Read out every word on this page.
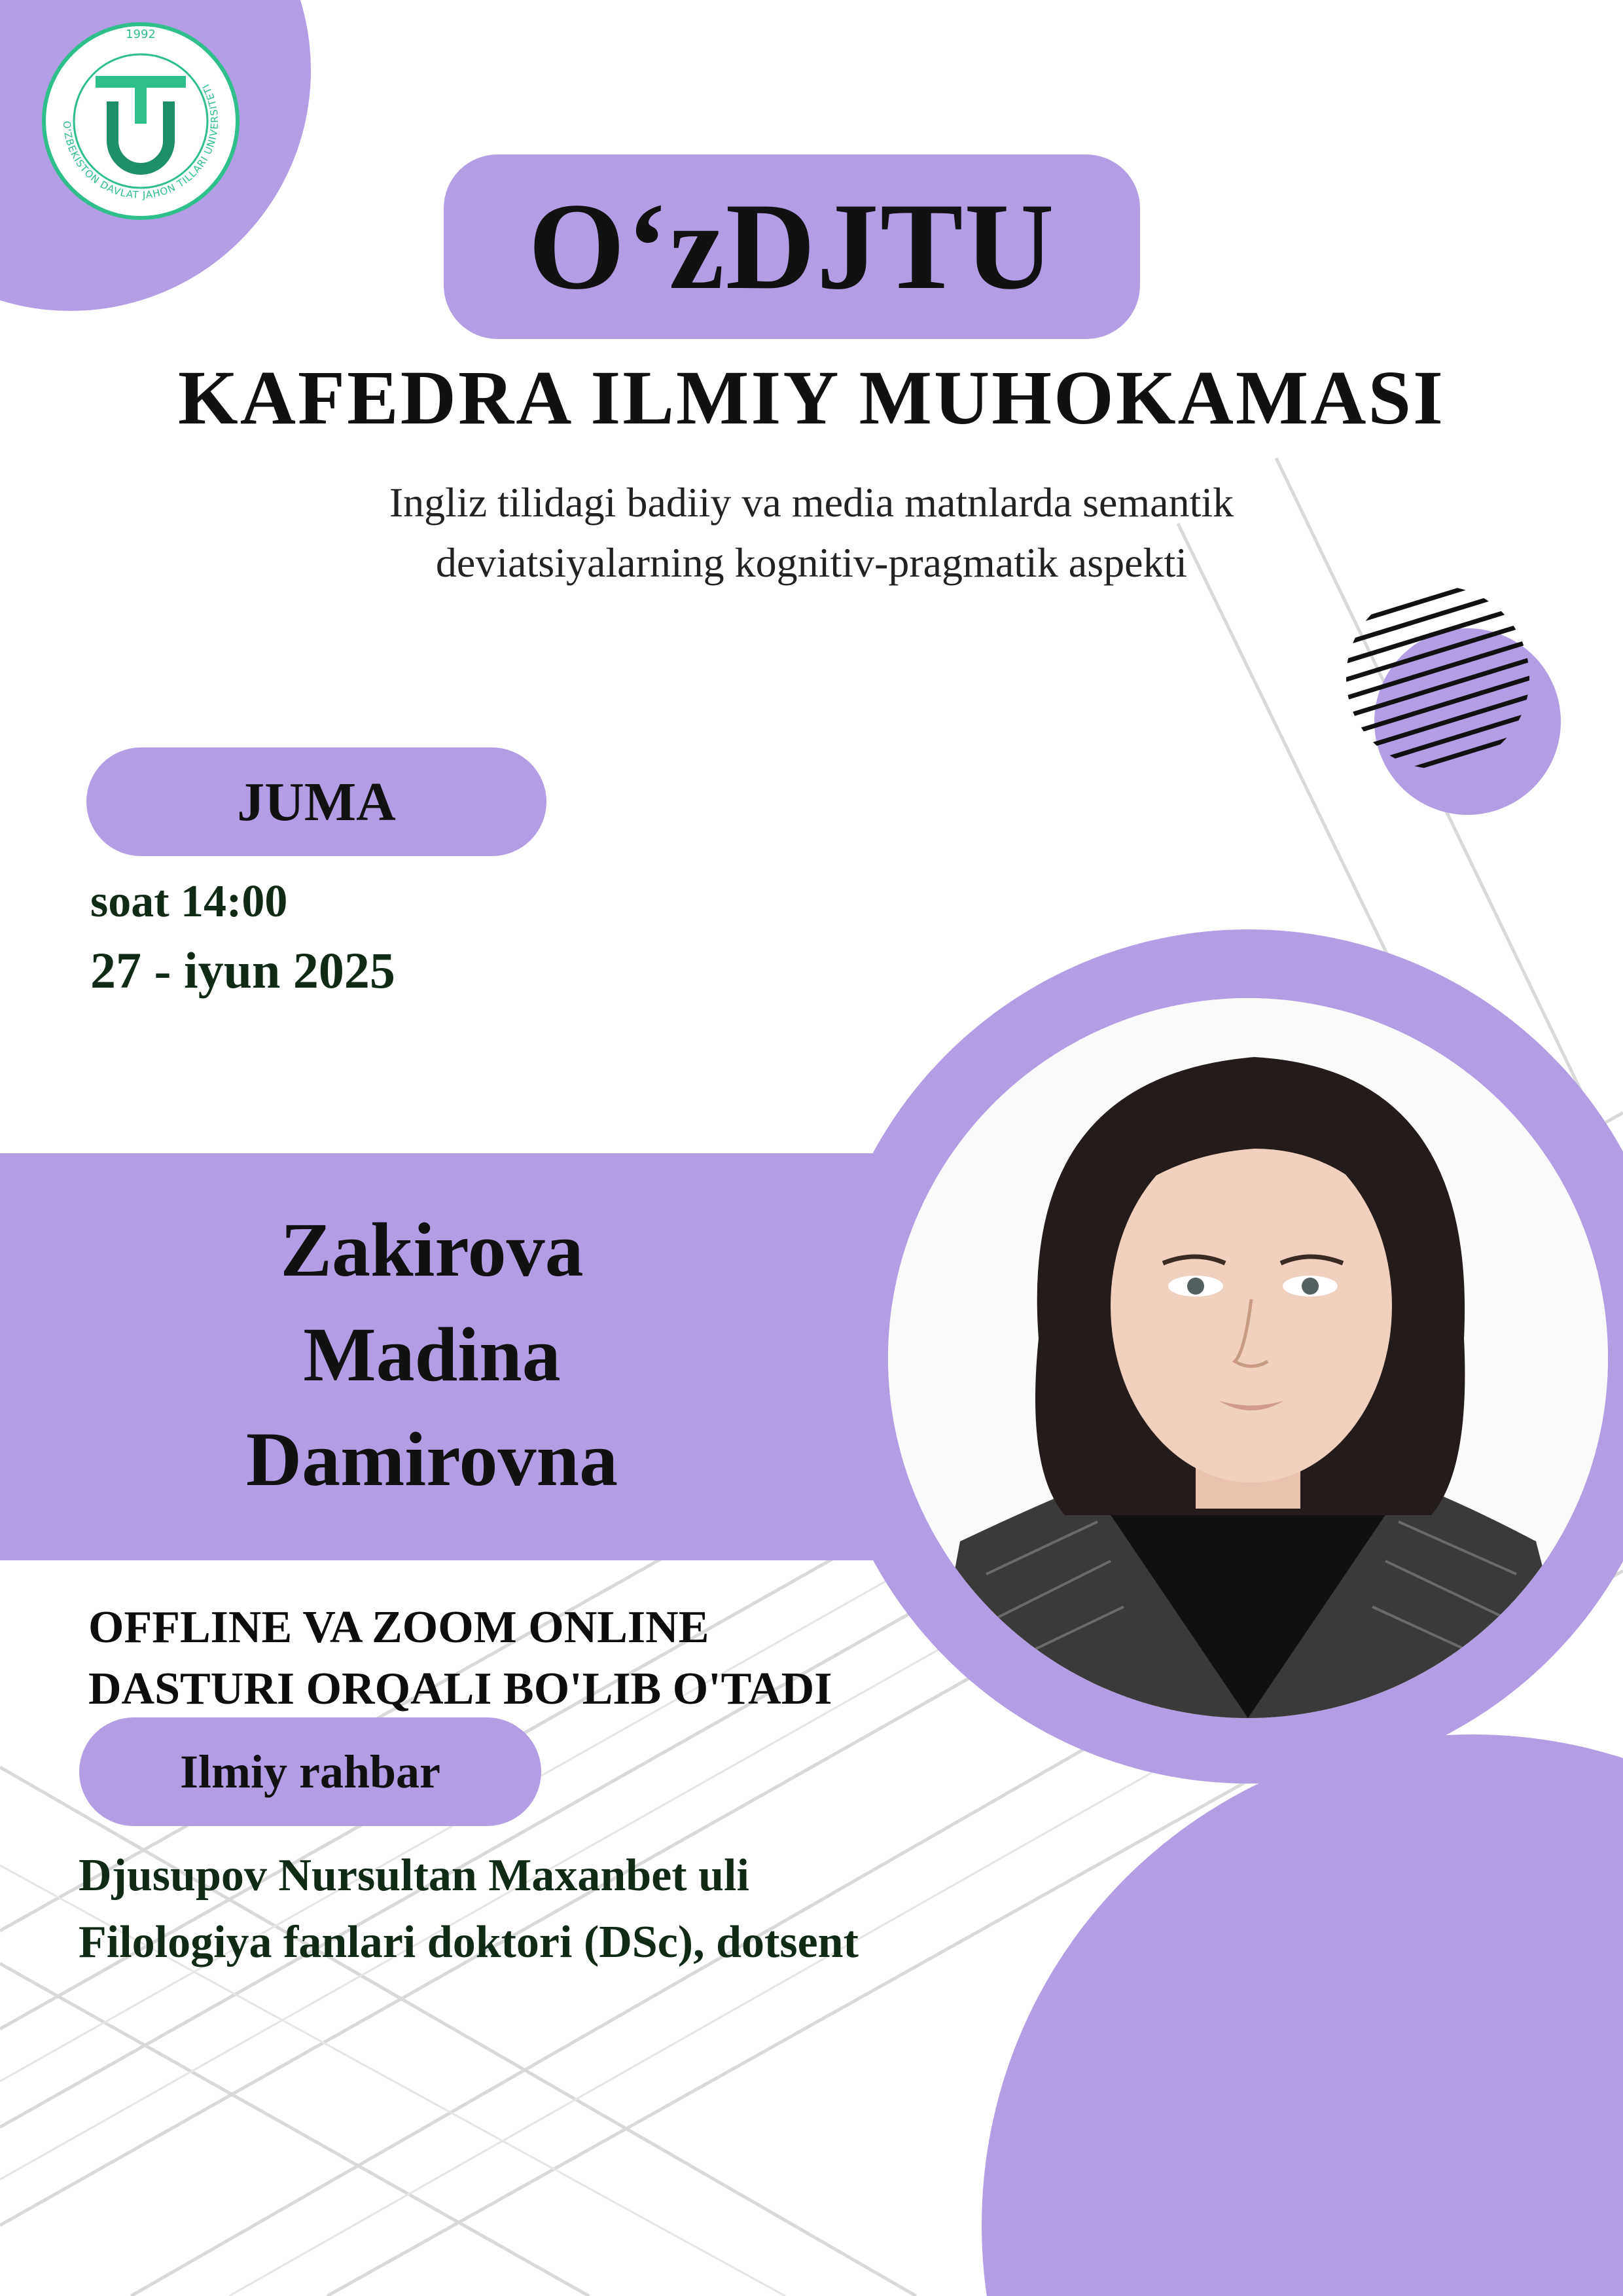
O'ZBEKISTON DAVLAT JAHON TILLARI UNIVERSITETI
1992
O‘zDJTU
KAFEDRA ILMIY MUHOKAMASI
Ingliz tilidagi badiiy va media matnlarda semantik
deviatsiyalarning kognitiv-pragmatik aspekti
JUMA
soat 14:00
27 - iyun 2025
Zakirova
Madina
Damirovna
OFFLINE VA ZOOM ONLINE
DASTURI ORQALI BO'LIB O'TADI
Ilmiy rahbar
Djusupov Nursultan Maxanbet uli
Filologiya fanlari doktori (DSc), dotsent
